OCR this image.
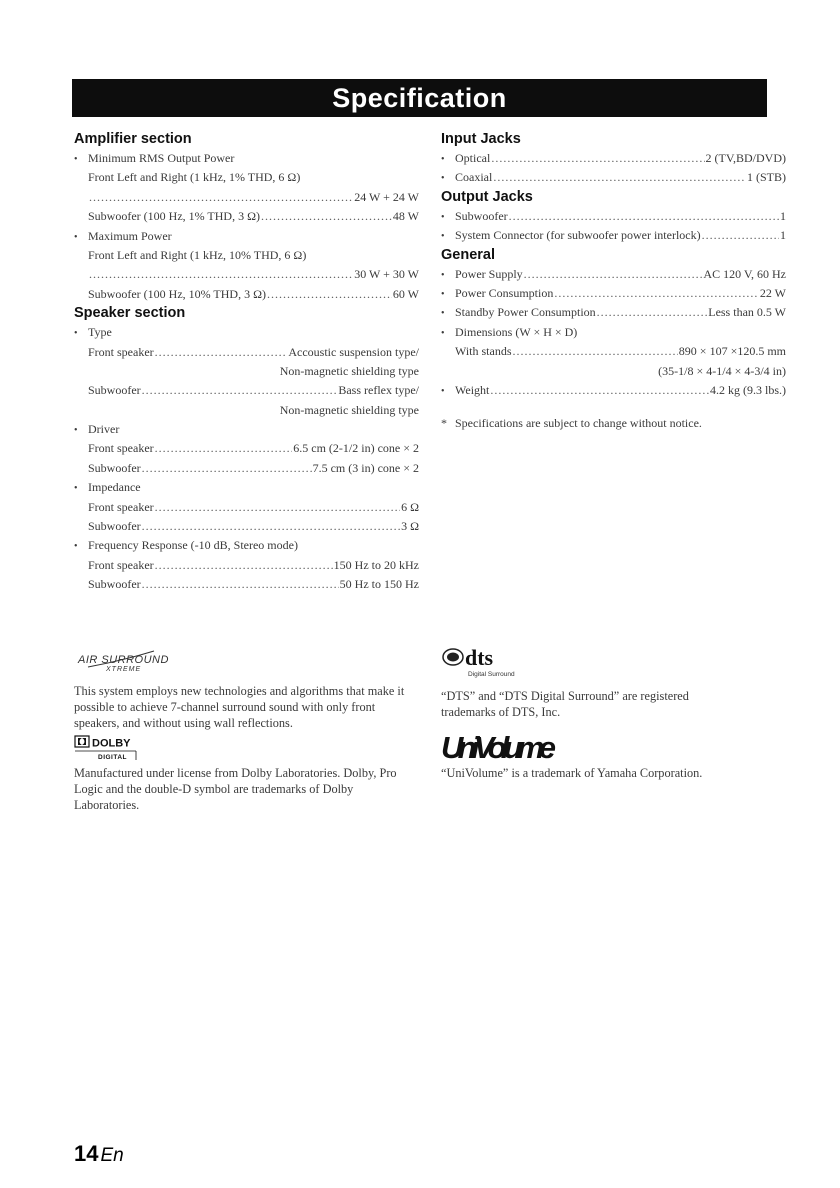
Specification
Amplifier section
• Minimum RMS Output Power
Front Left and Right (1 kHz, 1% THD, 6 Ω)
.....
24 W + 24 W
Subwoofer (100 Hz, 1% THD, 3 Ω) .....	48 W
• Maximum Power
Front Left and Right (1 kHz, 10% THD, 6 Ω)
.....
30 W + 30 W
Subwoofer (100 Hz, 10% THD, 3 Ω) .....	60 W
Speaker section
• Type
Front speaker .....	Accoustic suspension type/
Non-magnetic shielding type
Subwoofer .....	Bass reflex type/
Non-magnetic shielding type
• Driver
Front speaker .....	6.5 cm (2-1/2 in) cone × 2
Subwoofer .....	7.5 cm (3 in) cone × 2
• Impedance
Front speaker .....	6 Ω
Subwoofer .....	3 Ω
• Frequency Response (-10 dB, Stereo mode)
Front speaker .....	150 Hz to 20 kHz
Subwoofer .....	50 Hz to 150 Hz
Input Jacks
• Optical .....	2 (TV,BD/DVD)
• Coaxial .....	1 (STB)
Output Jacks
• Subwoofer .....	1
• System Connector (for subwoofer power interlock) .....	1
General
• Power Supply .....	AC 120 V, 60 Hz
• Power Consumption .....	22 W
• Standby Power Consumption .....	Less than 0.5 W
• Dimensions (W × H × D)
With stands .....	890 × 107 ×120.5 mm
(35-1/8 × 4-1/4 × 4-3/4 in)
• Weight .....	4.2 kg (9.3 lbs.)
* Specifications are subject to change without notice.
AIR SURROUND
XTREME
This system employs new technologies and algorithms that make it possible to achieve 7-channel surround sound with only front speakers, and without using wall reflections.
DOLBY
DIGITAL
Manufactured under license from Dolby Laboratories. Dolby, Pro Logic and the double-D symbol are trademarks of Dolby Laboratories.
dts
Digital Surround
“DTS” and “DTS Digital Surround” are registered trademarks of DTS, Inc.
UniVolume
“UniVolume” is a trademark of Yamaha Corporation.
14 En
